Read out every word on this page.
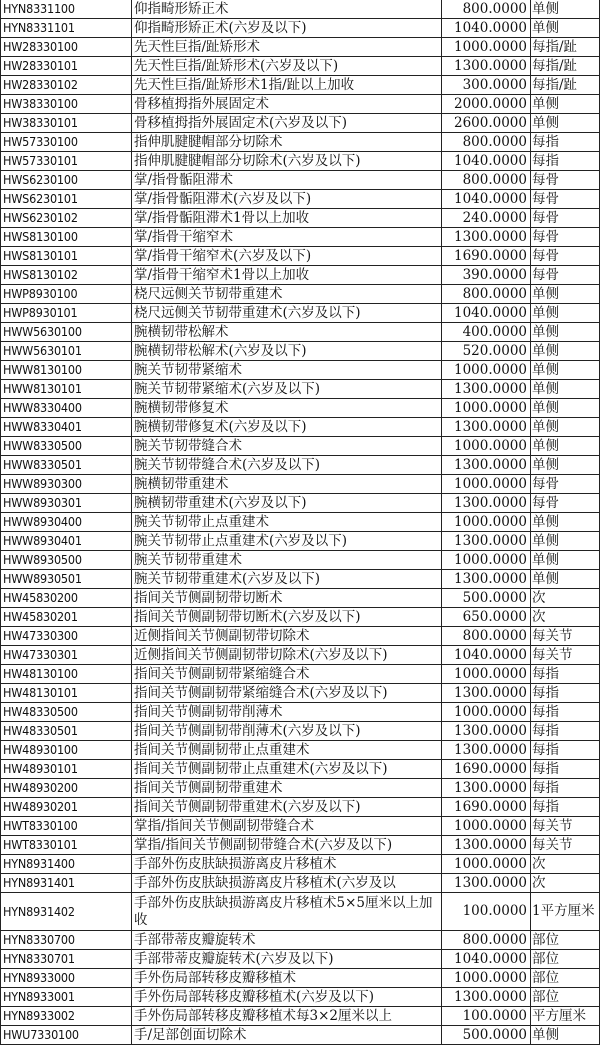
HYN8331100	仰指畸形矫正术	800.0000	单侧
HYN8331101	仰指畸形矫正术(六岁及以下)	1040.0000	单侧
HW28330100	先天性巨指/趾矫形术	1000.0000	每指/趾
HW28330101	先天性巨指/趾矫形术(六岁及以下)	1300.0000	每指/趾
HW28330102	先天性巨指/趾矫形术1指/趾以上加收	300.0000	每指/趾
HW38330100	骨移植拇指外展固定术	2000.0000	单侧
HW38330101	骨移植拇指外展固定术(六岁及以下)	2600.0000	单侧
HW57330100	指伸肌腱腱帽部分切除术	800.0000	每指
HW57330101	指伸肌腱腱帽部分切除术(六岁及以下)	1040.0000	每指
HWS6230100	掌/指骨骺阻滞术	800.0000	每骨
HWS6230101	掌/指骨骺阻滞术(六岁及以下)	1040.0000	每骨
HWS6230102	掌/指骨骺阻滞术1骨以上加收	240.0000	每骨
HWS8130100	掌/指骨干缩窄术	1300.0000	每骨
HWS8130101	掌/指骨干缩窄术(六岁及以下)	1690.0000	每骨
HWS8130102	掌/指骨干缩窄术1骨以上加收	390.0000	每骨
HWP8930100	桡尺远侧关节韧带重建术	800.0000	单侧
HWP8930101	桡尺远侧关节韧带重建术(六岁及以下)	1040.0000	单侧
HWW5630100	腕横韧带松解术	400.0000	单侧
HWW5630101	腕横韧带松解术(六岁及以下)	520.0000	单侧
HWW8130100	腕关节韧带紧缩术	1000.0000	单侧
HWW8130101	腕关节韧带紧缩术(六岁及以下)	1300.0000	单侧
HWW8330400	腕横韧带修复术	1000.0000	单侧
HWW8330401	腕横韧带修复术(六岁及以下)	1300.0000	单侧
HWW8330500	腕关节韧带缝合术	1000.0000	单侧
HWW8330501	腕关节韧带缝合术(六岁及以下)	1300.0000	单侧
HWW8930300	腕横韧带重建术	1000.0000	每骨
HWW8930301	腕横韧带重建术(六岁及以下)	1300.0000	每骨
HWW8930400	腕关节韧带止点重建术	1000.0000	单侧
HWW8930401	腕关节韧带止点重建术(六岁及以下)	1300.0000	单侧
HWW8930500	腕关节韧带重建术	1000.0000	单侧
HWW8930501	腕关节韧带重建术(六岁及以下)	1300.0000	单侧
HW45830200	指间关节侧副韧带切断术	500.0000	次
HW45830201	指间关节侧副韧带切断术(六岁及以下)	650.0000	次
HW47330300	近侧指间关节侧副韧带切除术	800.0000	每关节
HW47330301	近侧指间关节侧副韧带切除术(六岁及以下)	1040.0000	每关节
HW48130100	指间关节侧副韧带紧缩缝合术	1000.0000	每指
HW48130101	指间关节侧副韧带紧缩缝合术(六岁及以下)	1300.0000	每指
HW48330500	指间关节侧副韧带削薄术	1000.0000	每指
HW48330501	指间关节侧副韧带削薄术(六岁及以下)	1300.0000	每指
HW48930100	指间关节侧副韧带止点重建术	1300.0000	每指
HW48930101	指间关节侧副韧带止点重建术(六岁及以下)	1690.0000	每指
HW48930200	指间关节侧副韧带重建术	1300.0000	每指
HW48930201	指间关节侧副韧带重建术(六岁及以下)	1690.0000	每指
HWT8330100	掌指/指间关节侧副韧带缝合术	1000.0000	每关节
HWT8330101	掌指/指间关节侧副韧带缝合术(六岁及以下)	1300.0000	每关节
HYN8931400	手部外伤皮肤缺损游离皮片移植术	1000.0000	次
HYN8931401	手部外伤皮肤缺损游离皮片移植术(六岁及以	1300.0000	次
HYN8931402	手部外伤皮肤缺损游离皮片移植术5×5厘米以上加收	100.0000	1平方厘米
HYN8330700	手部带蒂皮瓣旋转术	800.0000	部位
HYN8330701	手部带蒂皮瓣旋转术(六岁及以下)	1040.0000	部位
HYN8933000	手外伤局部转移皮瓣移植术	1000.0000	部位
HYN8933001	手外伤局部转移皮瓣移植术(六岁及以下)	1300.0000	部位
HYN8933002	手外伤局部转移皮瓣移植术每3×2厘米以上	100.0000	平方厘米
HWU7330100	手/足部创面切除术	500.0000	单侧
